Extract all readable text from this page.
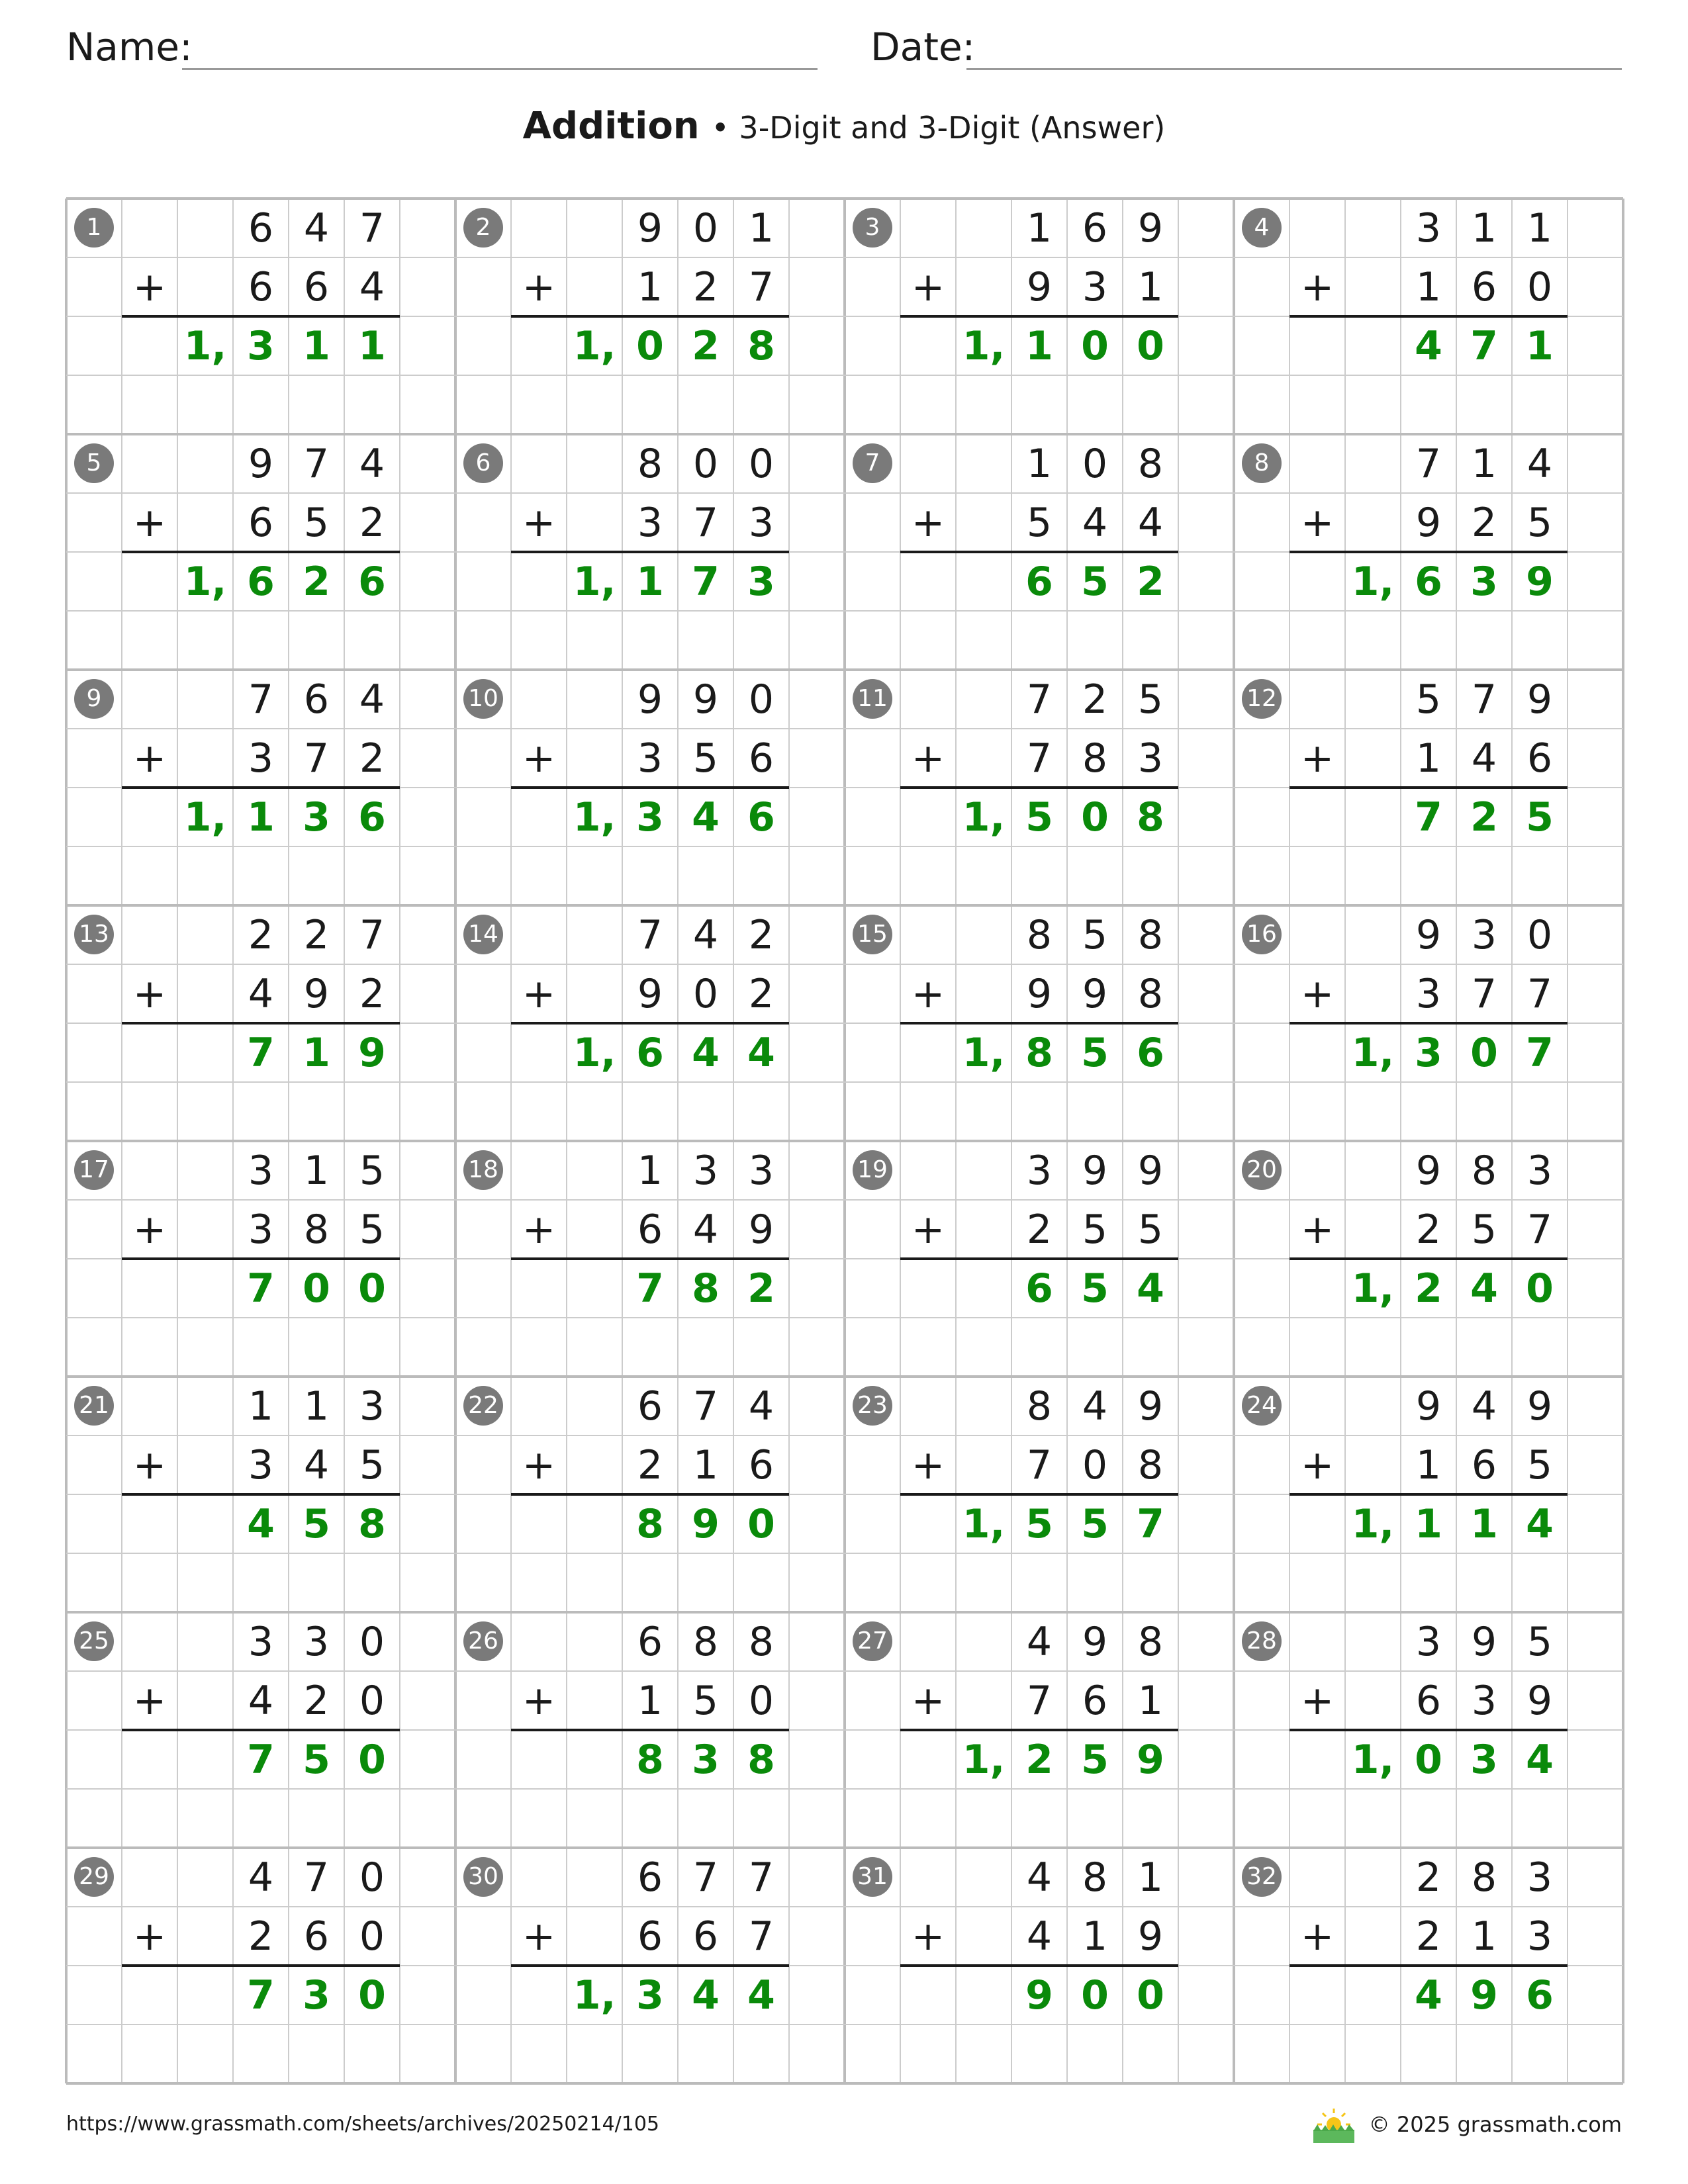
Name:	Date:
Addition • 3-Digit and 3-Digit (Answer)
1	6 4 7
+	6 6 4
1, 3 1 1
2	9 0 1
+	1 2 7
1, 0 2 8
3	1 6 9
+	9 3 1
1, 1 0 0
4	3 1 1
+	1 6 0
4 7 1
5	9 7 4
+	6 5 2
1, 6 2 6
6	8 0 0
+	3 7 3
1, 1 7 3
7	1 0 8
+	5 4 4
6 5 2
8	7 1 4
+	9 2 5
1, 6 3 9
9	7 6 4
+	3 7 2
1, 1 3 6
10	9 9 0
+	3 5 6
1, 3 4 6
11	7 2 5
+	7 8 3
1, 5 0 8
12	5 7 9
+	1 4 6
7 2 5
13	2 2 7
+	4 9 2
7 1 9
14	7 4 2
+	9 0 2
1, 6 4 4
15	8 5 8
+	9 9 8
1, 8 5 6
16	9 3 0
+	3 7 7
1, 3 0 7
17	3 1 5
+	3 8 5
7 0 0
18	1 3 3
+	6 4 9
7 8 2
19	3 9 9
+	2 5 5
6 5 4
20	9 8 3
+	2 5 7
1, 2 4 0
21	1 1 3
+	3 4 5
4 5 8
22	6 7 4
+	2 1 6
8 9 0
23	8 4 9
+	7 0 8
1, 5 5 7
24	9 4 9
+	1 6 5
1, 1 1 4
25	3 3 0
+	4 2 0
7 5 0
26	6 8 8
+	1 5 0
8 3 8
27	4 9 8
+	7 6 1
1, 2 5 9
28	3 9 5
+	6 3 9
1, 0 3 4
29	4 7 0
+	2 6 0
7 3 0
30	6 7 7
+	6 6 7
1, 3 4 4
31	4 8 1
+	4 1 9
9 0 0
32	2 8 3
+	2 1 3
4 9 6
https://www.grassmath.com/sheets/archives/20250214/105	© 2025 grassmath.com
